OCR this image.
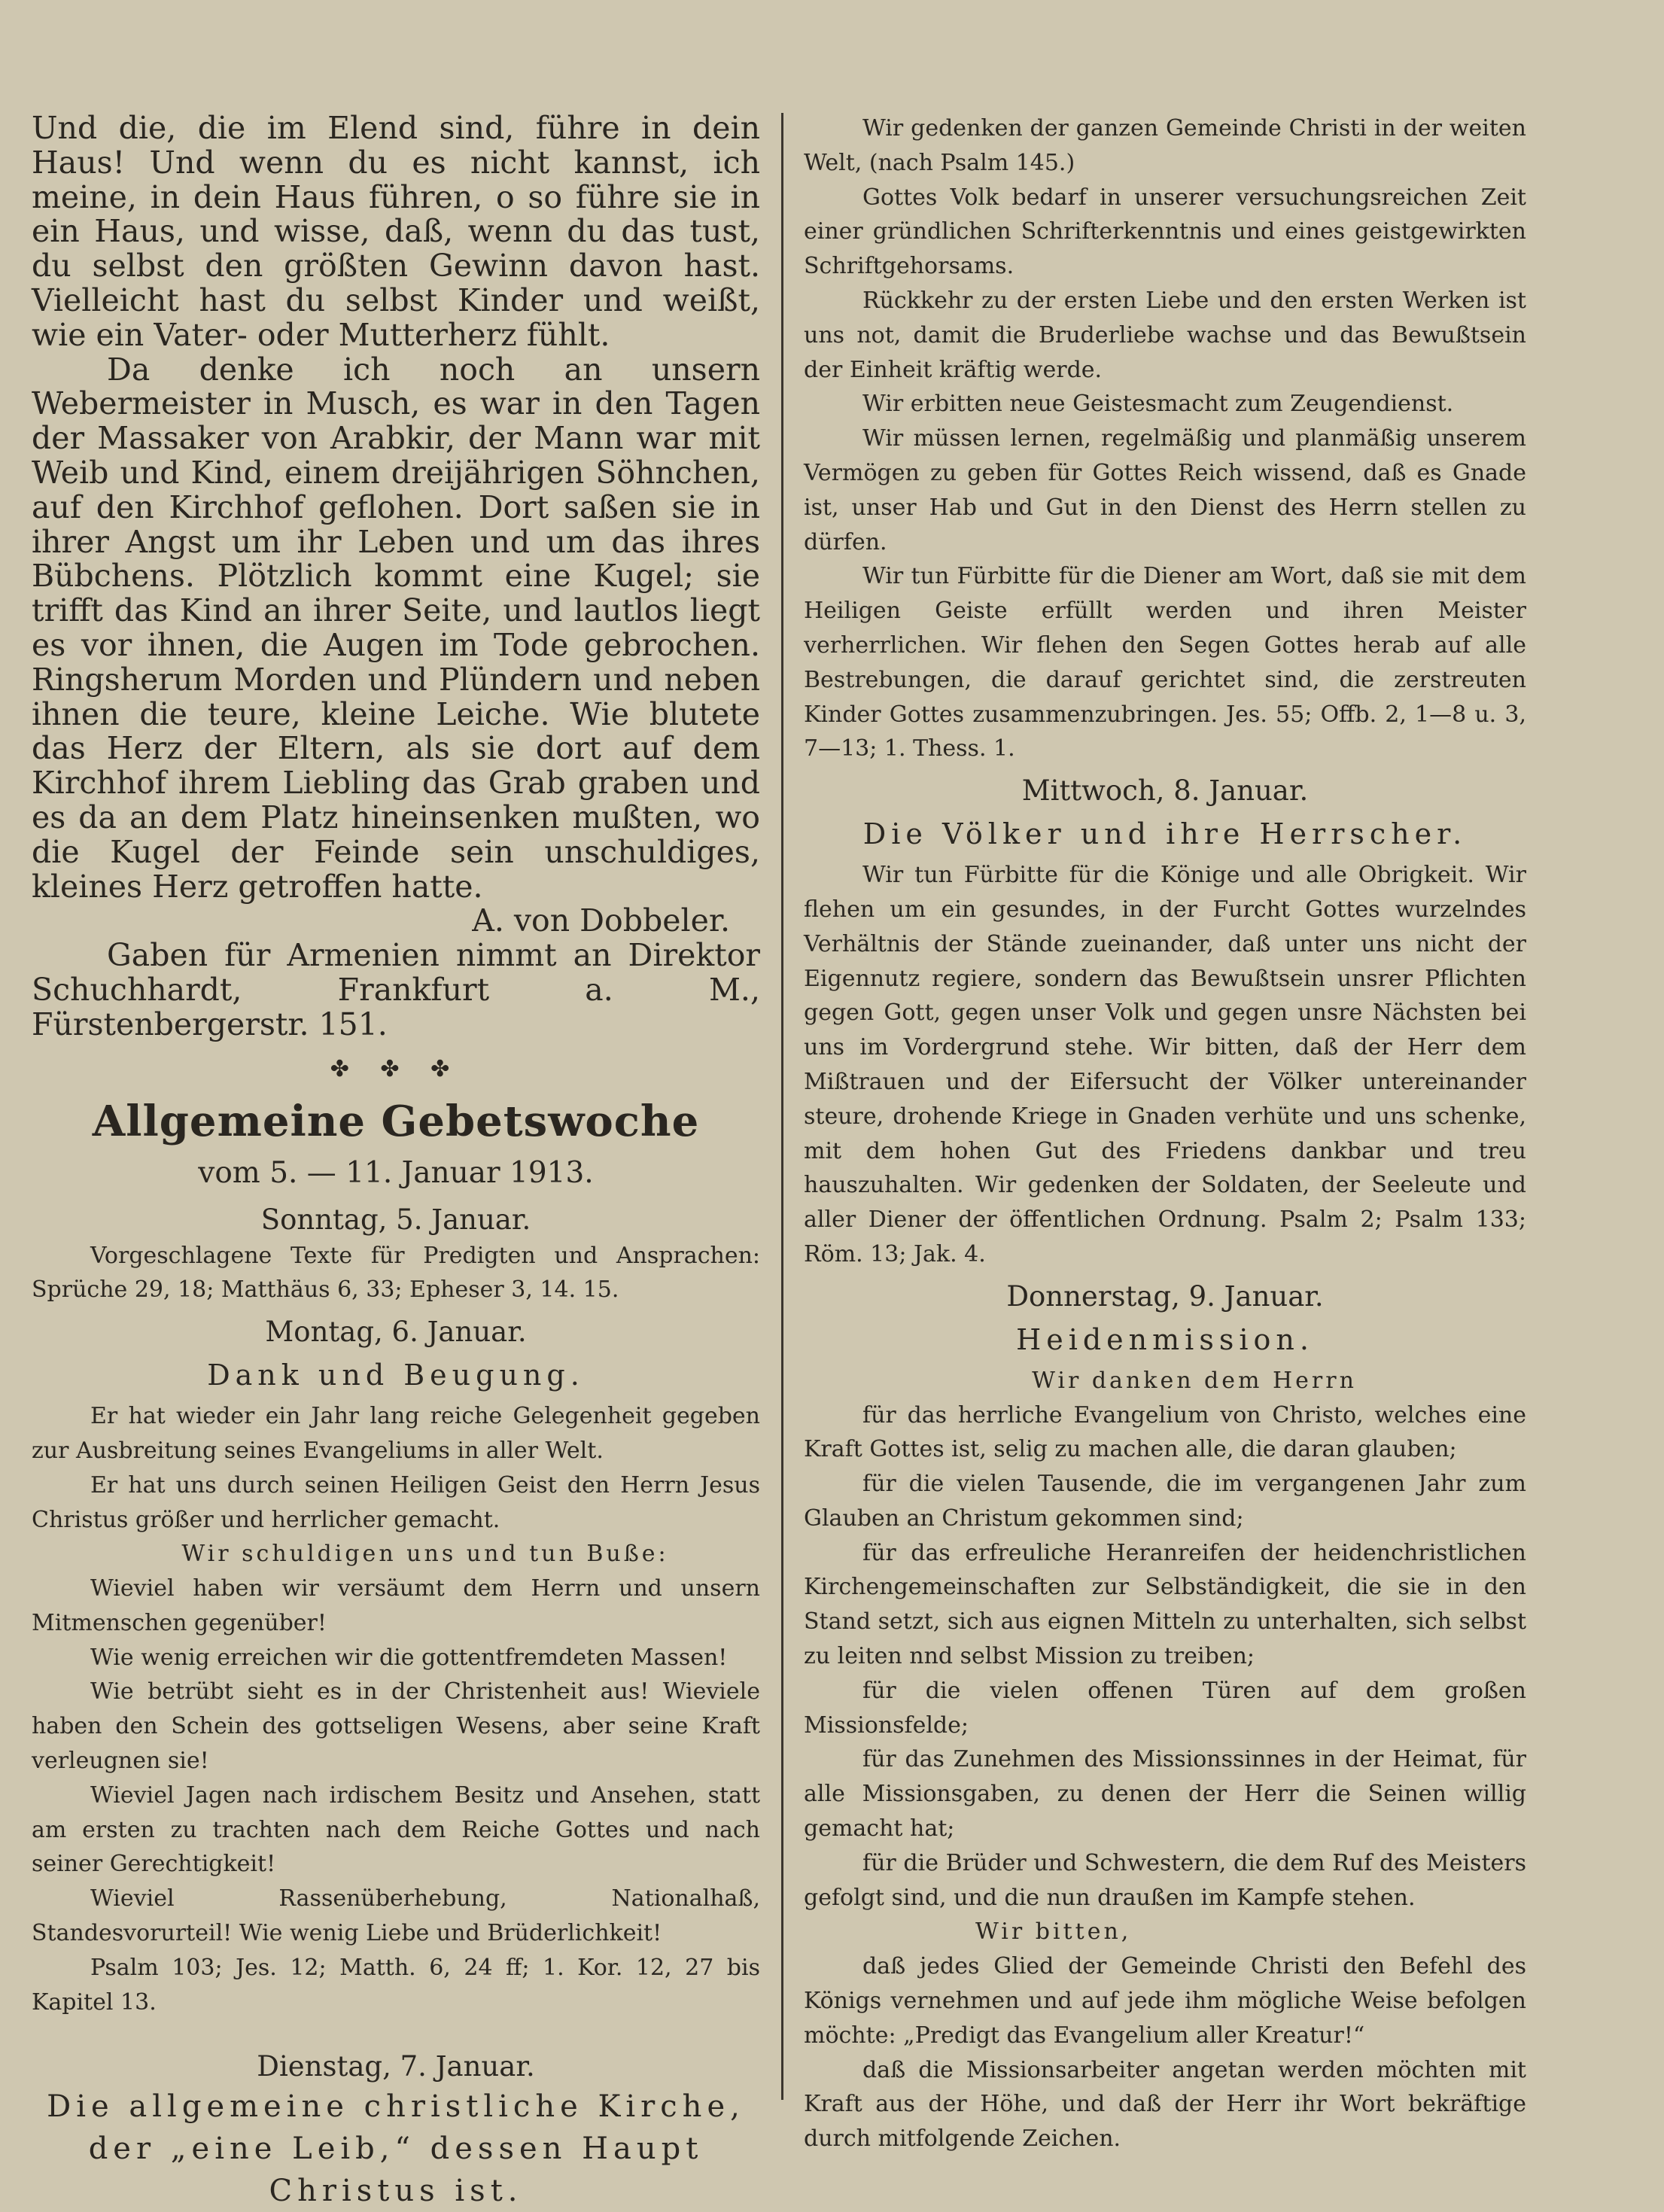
Und die, die im Elend sind, führe in dein Haus! Und wenn du es nicht kannst, ich meine, in dein Haus führen, o so führe sie in ein Haus, und wisse, daß, wenn du das tust, du selbst den größten Gewinn davon hast. Vielleicht hast du selbst Kinder und weißt, wie ein Vater- oder Mutterherz fühlt.

Da denke ich noch an unsern Webermeister in Musch, es war in den Tagen der Massaker von Arabkir, der Mann war mit Weib und Kind, einem dreijährigen Söhnchen, auf den Kirchhof geflohen. Dort saßen sie in ihrer Angst um ihr Leben und um das ihres Bübchens. Plötzlich kommt eine Kugel; sie trifft das Kind an ihrer Seite, und lautlos liegt es vor ihnen, die Augen im Tode gebrochen. Ringsherum Morden und Plündern und neben ihnen die teure, kleine Leiche. Wie blutete das Herz der Eltern, als sie dort auf dem Kirchhof ihrem Liebling das Grab graben und es da an dem Platz hineinsenken mußten, wo die Kugel der Feinde sein unschuldiges, kleines Herz getroffen hatte.

A. von Dobbeler.

Gaben für Armenien nimmt an Direktor Schuchhardt, Frankfurt a. M., Fürstenbergerstr. 151.

✤ ✤ ✤
Allgemeine Gebetswoche
vom 5. — 11. Januar 1913.
Sonntag, 5. Januar.

Vorgeschlagene Texte für Predigten und Ansprachen: Sprüche 29, 18; Matthäus 6, 33; Epheser 3, 14. 15.

Montag, 6. Januar.
Dank und Beugung.

Er hat wieder ein Jahr lang reiche Gelegenheit gegeben zur Ausbreitung seines Evangeliums in aller Welt.

Er hat uns durch seinen Heiligen Geist den Herrn Jesus Christus größer und herrlicher gemacht.

Wir schuldigen uns und tun Buße:

Wieviel haben wir versäumt dem Herrn und unsern Mitmenschen gegenüber!

Wie wenig erreichen wir die gottentfremdeten Massen!

Wie betrübt sieht es in der Christenheit aus! Wieviele haben den Schein des gottseligen Wesens, aber seine Kraft verleugnen sie!

Wieviel Jagen nach irdischem Besitz und Ansehen, statt am ersten zu trachten nach dem Reiche Gottes und nach seiner Gerechtigkeit!

Wieviel Rassenüberhebung, Nationalhaß, Standesvorurteil! Wie wenig Liebe und Brüderlichkeit!

Psalm 103; Jes. 12; Matth. 6, 24 ff; 1. Kor. 12, 27 bis Kapitel 13.

Dienstag, 7. Januar.
Die allgemeine christliche Kirche, der „eine Leib,“ dessen Haupt Christus ist.

Wir gedenken der ganzen Gemeinde Christi in der weiten Welt, (nach Psalm 145.)

Gottes Volk bedarf in unserer versuchungsreichen Zeit einer gründlichen Schrifterkenntnis und eines geistgewirkten Schriftgehorsams.

Rückkehr zu der ersten Liebe und den ersten Werken ist uns not, damit die Bruderliebe wachse und das Bewußtsein der Einheit kräftig werde.

Wir erbitten neue Geistesmacht zum Zeugendienst.

Wir müssen lernen, regelmäßig und planmäßig unserem Vermögen zu geben für Gottes Reich wissend, daß es Gnade ist, unser Hab und Gut in den Dienst des Herrn stellen zu dürfen.

Wir tun Fürbitte für die Diener am Wort, daß sie mit dem Heiligen Geiste erfüllt werden und ihren Meister verherrlichen. Wir flehen den Segen Gottes herab auf alle Bestrebungen, die darauf gerichtet sind, die zerstreuten Kinder Gottes zusammenzubringen. Jes. 55; Offb. 2, 1—8 u. 3, 7—13; 1. Thess. 1.

Mittwoch, 8. Januar.
Die Völker und ihre Herrscher.

Wir tun Fürbitte für die Könige und alle Obrigkeit. Wir flehen um ein gesundes, in der Furcht Gottes wurzelndes Verhältnis der Stände zueinander, daß unter uns nicht der Eigennutz regiere, sondern das Bewußtsein unsrer Pflichten gegen Gott, gegen unser Volk und gegen unsre Nächsten bei uns im Vordergrund stehe. Wir bitten, daß der Herr dem Mißtrauen und der Eifersucht der Völker untereinander steure, drohende Kriege in Gnaden verhüte und uns schenke, mit dem hohen Gut des Friedens dankbar und treu hauszuhalten. Wir gedenken der Soldaten, der Seeleute und aller Diener der öffentlichen Ordnung. Psalm 2; Psalm 133; Röm. 13; Jak. 4.

Donnerstag, 9. Januar.
Heidenmission.

Wir danken dem Herrn

für das herrliche Evangelium von Christo, welches eine Kraft Gottes ist, selig zu machen alle, die daran glauben;

für die vielen Tausende, die im vergangenen Jahr zum Glauben an Christum gekommen sind;

für das erfreuliche Heranreifen der heidenchristlichen Kirchengemeinschaften zur Selbständigkeit, die sie in den Stand setzt, sich aus eignen Mitteln zu unterhalten, sich selbst zu leiten nnd selbst Mission zu treiben;

für die vielen offenen Türen auf dem großen Missionsfelde;

für das Zunehmen des Missionssinnes in der Heimat, für alle Missionsgaben, zu denen der Herr die Seinen willig gemacht hat;

für die Brüder und Schwestern, die dem Ruf des Meisters gefolgt sind, und die nun draußen im Kampfe stehen.

Wir bitten,

daß jedes Glied der Gemeinde Christi den Befehl des Königs vernehmen und auf jede ihm mögliche Weise befolgen möchte: „Predigt das Evangelium aller Kreatur!“

daß die Missionsarbeiter angetan werden möchten mit Kraft aus der Höhe, und daß der Herr ihr Wort bekräftige durch mitfolgende Zeichen.
